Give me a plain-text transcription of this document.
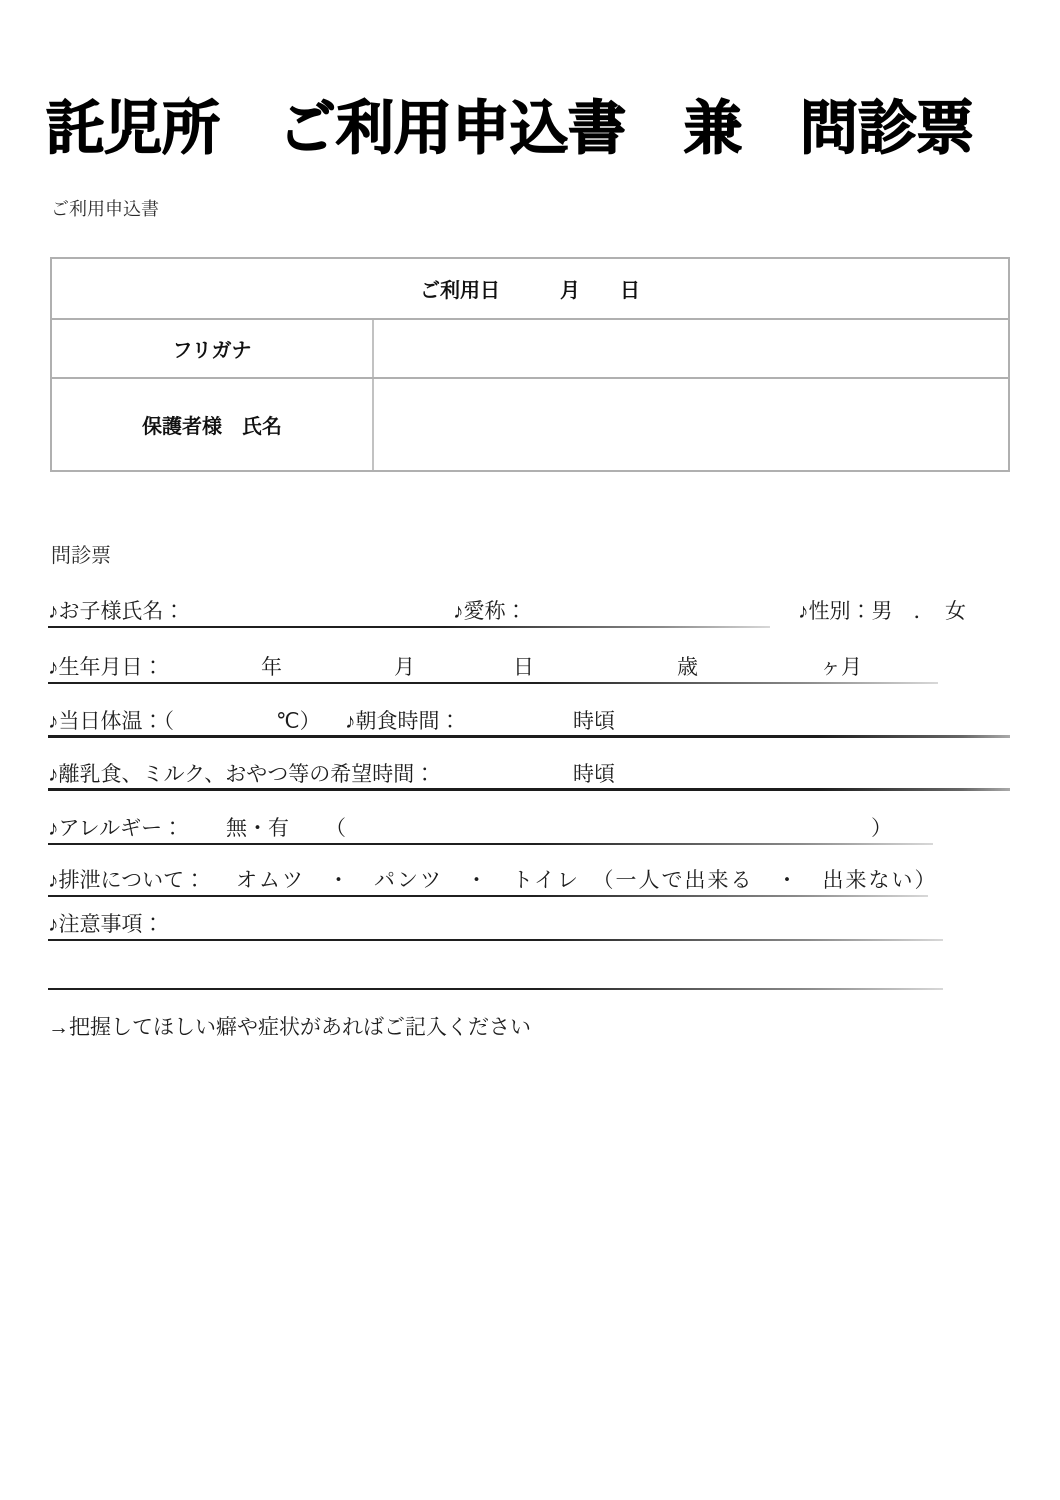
託児所　ご利用申込書　兼　問診票
ご利用申込書
ご利用日　　　月　　日
フリガナ
保護者様　氏名
問診票
♪お子様氏名：	♪愛称：	♪性別：男　．　女
♪生年月日：	年	月	日	歳	ヶ月
♪当日体温：（	℃） ♪朝食時間：	時頃
♪離乳食、ミルク、おやつ等の希望時間：	時頃
♪アレルギー： 無・有 （	）
♪排泄について： オムツ　・　パンツ　・　トイレ　（一人で出来る　・　出来ない）
♪注意事項：
→把握してほしい癖や症状があればご記入ください
